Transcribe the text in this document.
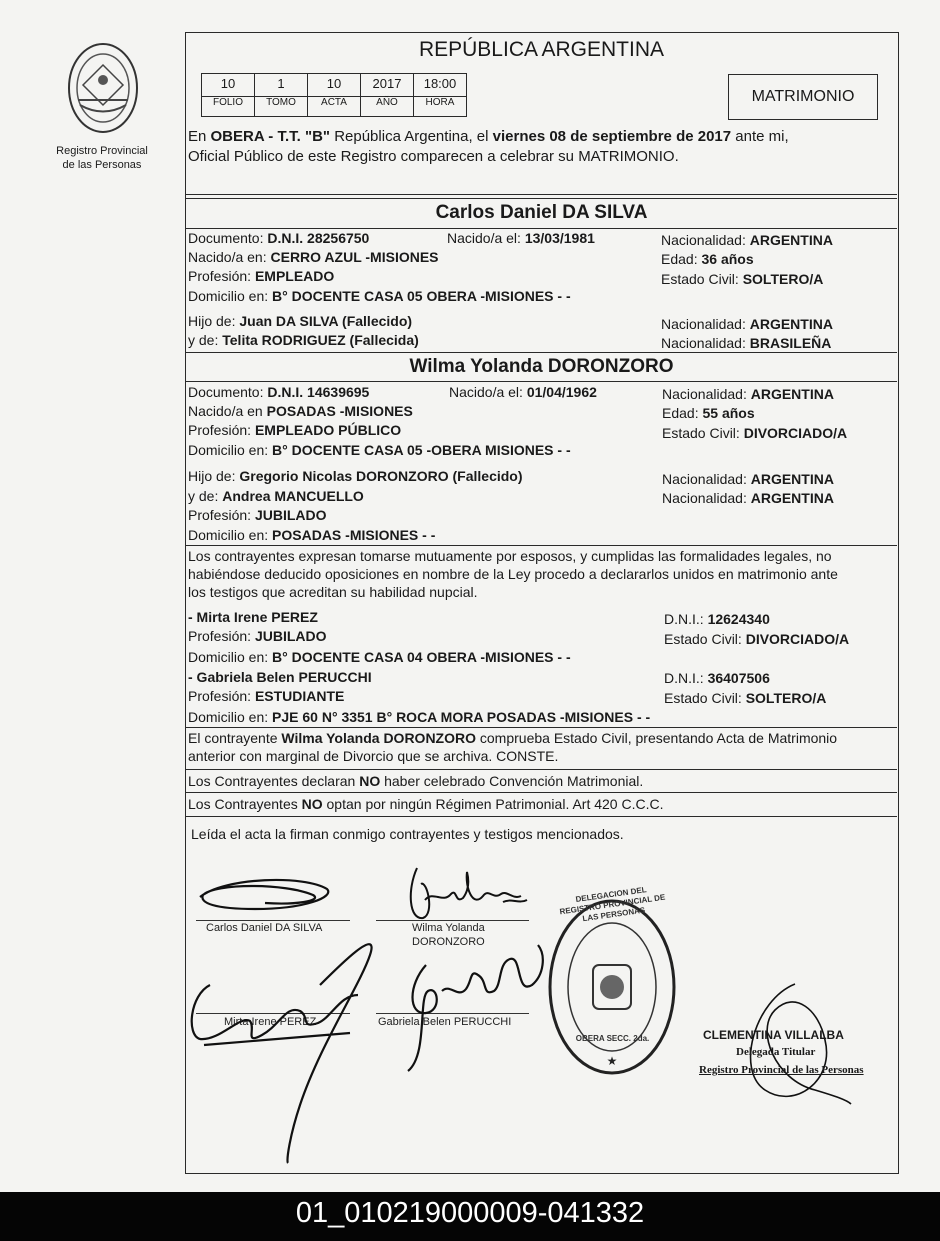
Registro Provincial
de las Personas
REPÚBLICA ARGENTINA
10	1	10	2017	18:00
FOLIO	TOMO	ACTA	AÑO	HORA	MATRIMONIO
En OBERA - T.T. "B" República Argentina, el viernes 08 de septiembre de 2017 ante mi,
Oficial Público de este Registro comparecen a celebrar su MATRIMONIO.
Carlos Daniel DA SILVA
Documento: D.N.I. 28256750	Nacido/a el: 13/03/1981	Nacionalidad: ARGENTINA
Nacido/a en: CERRO AZUL -MISIONES	Edad: 36 años
Profesión: EMPLEADO	Estado Civil: SOLTERO/A
Domicilio en: B° DOCENTE CASA 05 OBERA -MISIONES - -
Hijo de: Juan DA SILVA (Fallecido)	Nacionalidad: ARGENTINA
y de: Telita RODRIGUEZ (Fallecida)	Nacionalidad: BRASILEÑA
Wilma Yolanda DORONZORO
Documento: D.N.I. 14639695	Nacido/a el: 01/04/1962	Nacionalidad: ARGENTINA
Nacido/a en POSADAS -MISIONES	Edad: 55 años
Profesión: EMPLEADO PÚBLICO	Estado Civil: DIVORCIADO/A
Domicilio en: B° DOCENTE CASA 05 -OBERA MISIONES - -
Hijo de: Gregorio Nicolas DORONZORO (Fallecido)	Nacionalidad: ARGENTINA
y de: Andrea MANCUELLO	Nacionalidad: ARGENTINA
Profesión: JUBILADO
Domicilio en: POSADAS -MISIONES - -
Los contrayentes expresan tomarse mutuamente por esposos, y cumplidas las formalidades legales, no
habiéndose deducido oposiciones en nombre de la Ley procedo a declararlos unidos en matrimonio ante
los testigos que acreditan su habilidad nupcial.
- Mirta Irene PEREZ	D.N.I.: 12624340
Profesión: JUBILADO	Estado Civil: DIVORCIADO/A
Domicilio en: B° DOCENTE CASA 04 OBERA -MISIONES - -
- Gabriela Belen PERUCCHI	D.N.I.: 36407506
Profesión: ESTUDIANTE	Estado Civil: SOLTERO/A
Domicilio en: PJE 60 N° 3351 B° ROCA MORA POSADAS -MISIONES - -
El contrayente Wilma Yolanda DORONZORO comprueba Estado Civil, presentando Acta de Matrimonio
anterior con marginal de Divorcio que se archiva. CONSTE.
Los Contrayentes declaran NO haber celebrado Convención Matrimonial.
Los Contrayentes NO optan por ningún Régimen Patrimonial. Art 420 C.C.C.
Leída el acta la firman conmigo contrayentes y testigos mencionados.
Carlos Daniel DA SILVA	Wilma Yolanda
DORONZORO
Mirta Irene PEREZ	Gabriela Belen PERUCCHI
★
DELEGACION DEL REGISTRO PROVINCIAL DE LAS PERSONAS
OBERA SECC. 2da.	CLEMENTINA VILLALBA
Delegada Titular
Registro Provincial de las Personas
01_010219000009-041332
